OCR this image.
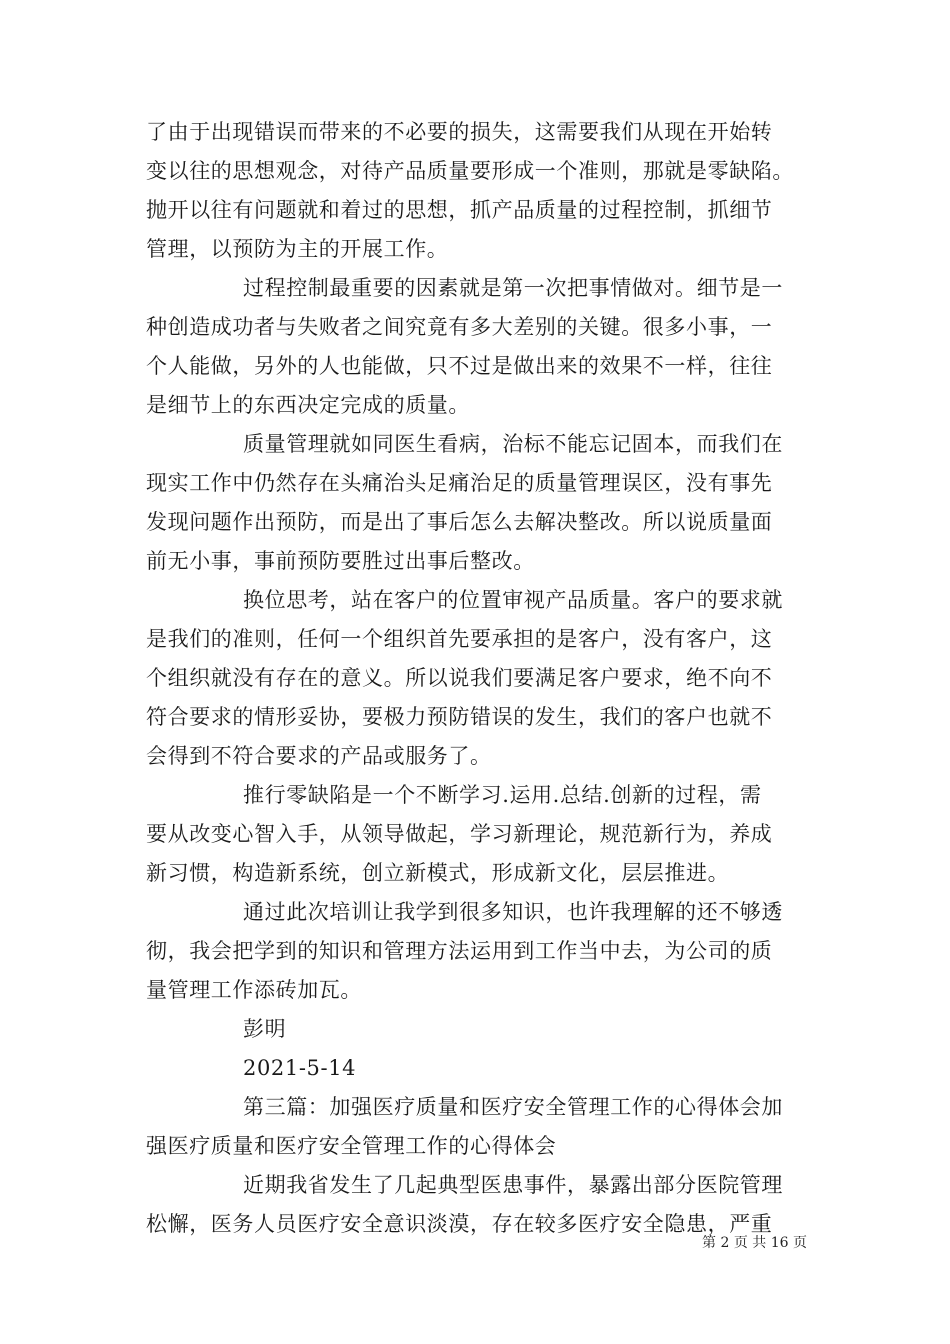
了由于出现错误而带来的不必要的损失，这需要我们从现在开始转
变以往的思想观念，对待产品质量要形成一个准则，那就是零缺陷。
抛开以往有问题就和着过的思想，抓产品质量的过程控制，抓细节
管理，以预防为主的开展工作。
过程控制最重要的因素就是第一次把事情做对。细节是一
种创造成功者与失败者之间究竟有多大差别的关键。很多小事，一
个人能做，另外的人也能做，只不过是做出来的效果不一样，往往
是细节上的东西决定完成的质量。
质量管理就如同医生看病，治标不能忘记固本，而我们在
现实工作中仍然存在头痛治头足痛治足的质量管理误区，没有事先
发现问题作出预防，而是出了事后怎么去解决整改。所以说质量面
前无小事，事前预防要胜过出事后整改。
换位思考，站在客户的位置审视产品质量。客户的要求就
是我们的准则，任何一个组织首先要承担的是客户，没有客户，这
个组织就没有存在的意义。所以说我们要满足客户要求，绝不向不
符合要求的情形妥协，要极力预防错误的发生，我们的客户也就不
会得到不符合要求的产品或服务了。
推行零缺陷是一个不断学习.运用.总结.创新的过程，需
要从改变心智入手，从领导做起，学习新理论，规范新行为，养成
新习惯，构造新系统，创立新模式，形成新文化，层层推进。
通过此次培训让我学到很多知识，也许我理解的还不够透
彻，我会把学到的知识和管理方法运用到工作当中去，为公司的质
量管理工作添砖加瓦。
彭明
2021-5-14
第三篇：加强医疗质量和医疗安全管理工作的心得体会加
强医疗质量和医疗安全管理工作的心得体会
近期我省发生了几起典型医患事件，暴露出部分医院管理
松懈，医务人员医疗安全意识淡漠，存在较多医疗安全隐患，严重
第 2 页 共 16 页
